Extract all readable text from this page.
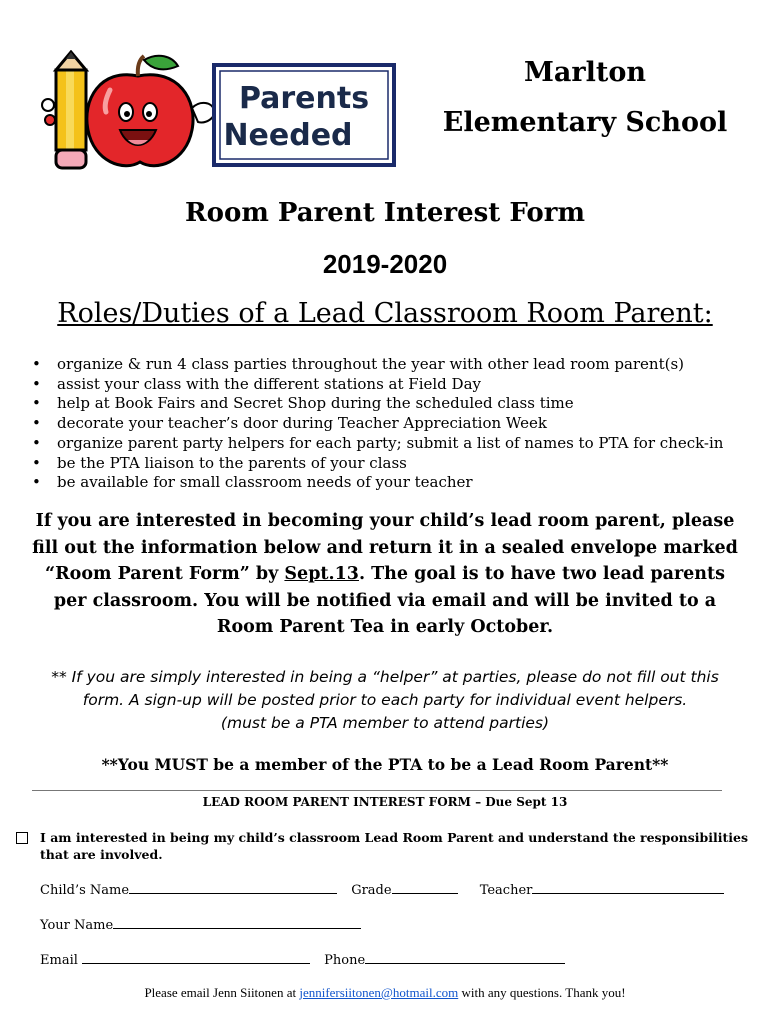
Parents
Needed
Marlton
Elementary School
Room Parent Interest Form
2019-2020
Roles/Duties of a Lead Classroom Room Parent:
• organize & run 4 class parties throughout the year with other lead room parent(s)
• assist your class with the different stations at Field Day
• help at Book Fairs and Secret Shop during the scheduled class time
• decorate your teacher’s door during Teacher Appreciation Week
• organize parent party helpers for each party; submit a list of names to PTA for check-in
• be the PTA liaison to the parents of your class
• be available for small classroom needs of your teacher
If you are interested in becoming your child’s lead room parent, please fill out the information below and return it in a sealed envelope marked “Room Parent Form” by Sept.13. The goal is to have two lead parents per classroom. You will be notified via email and will be invited to a Room Parent Tea in early October.
** If you are simply interested in being a “helper” at parties, please do not fill out this
form. A sign-up will be posted prior to each party for individual event helpers.
(must be a PTA member to attend parties)
**You MUST be a member of the PTA to be a Lead Room Parent**
LEAD ROOM PARENT INTEREST FORM – Due Sept 13
I am interested in being my child’s classroom Lead Room Parent and understand the responsibilities that are involved.
Child’s Name	Grade	Teacher
Your Name
Email	Phone
Please email Jenn Siitonen at jennifersiitonen@hotmail.com with any questions. Thank you!
